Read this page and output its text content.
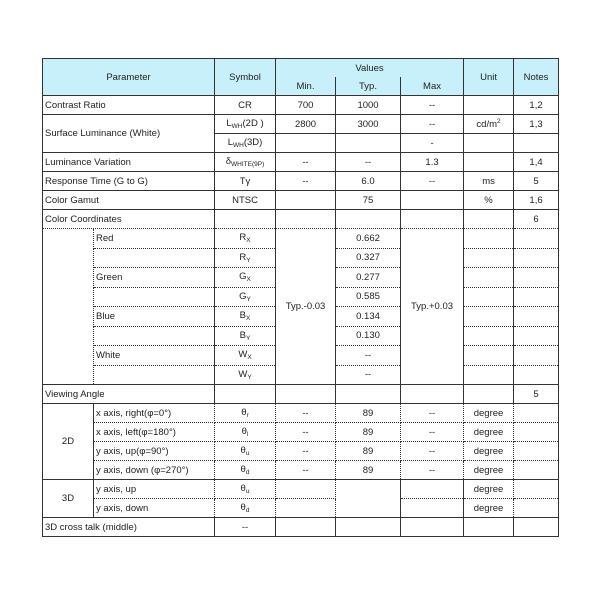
Parameter		Symbol	Values			Unit	Notes
			Min.	Typ.	Max		
Contrast Ratio		CR	700	1000	--		1,2
Surface Luminance (White)		$L_{WH}(2D$ )	2800	3000	--	$cd/m^2$	1,3
		$L_{WH}(3D)$			-		
Luminance Variation		$\delta_{WHITE(9P)}$	--	--	1.3		1,4
Response Time (G to G)		Tγ	--	6.0	--	ms	5
Color Gamut		NTSC		75		%	1,6
Color Coordinates							6
	Red	$R_X$	Typ.-0.03	0.662	Typ.+0.03		
		$R_Y$		0.327			
	Green	$G_X$		0.277			
		$G_Y$		0.585			
	Blue	$B_X$		0.134			
		$B_Y$		0.130			
	White	$W_X$		--			
		$W_Y$		--			
Viewing Angle							5
2D	x axis, right(φ=0°)	$\theta_r$	--	89	--	degree	
	x axis, left(φ=180°)	$\theta_l$	--	89	--	degree	
	y axis, up(φ=90°)	$\theta_u$	--	89	--	degree	
	y axis, down (φ=270°)	$\theta_d$	--	89	--	degree	
3D	y axis, up	$\theta_u$				degree	
	y axis, down	$\theta_d$				degree	
3D cross talk (middle)		--					
